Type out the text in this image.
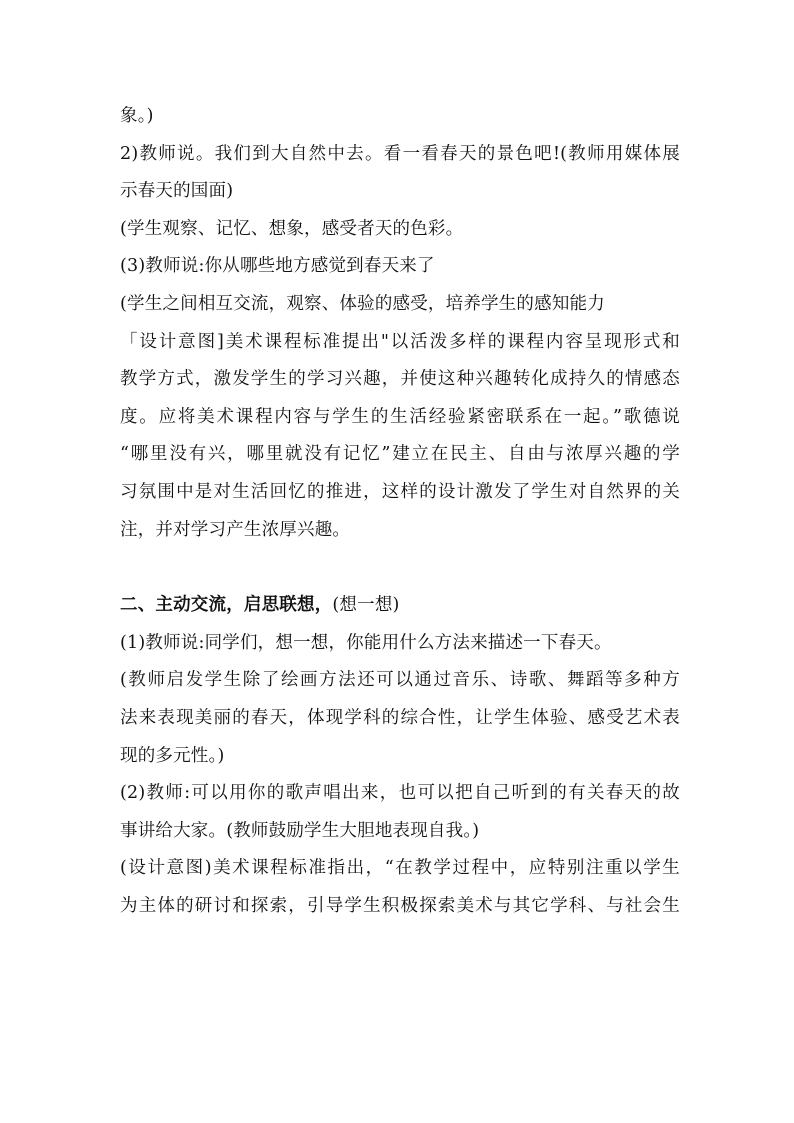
象。)
2)教师说。我们到大自然中去。看一看春天的景色吧!(教师用媒体展
示春天的国面)
(学生观察、记忆、想象，感受者天的色彩。
(3)教师说:你从哪些地方感觉到春天来了
(学生之间相互交流，观察、体验的感受，培养学生的感知能力
「设计意图]美术课程标准提出"以活泼多样的课程内容呈现形式和
教学方式，激发学生的学习兴趣，并使这种兴趣转化成持久的情感态
度。应将美术课程内容与学生的生活经验紧密联系在一起。”歌德说
“哪里没有兴，哪里就没有记忆”建立在民主、自由与浓厚兴趣的学
习氛围中是对生活回忆的推进，这样的设计激发了学生对自然界的关
注，并对学习产生浓厚兴趣。
二、主动交流，启思联想，(想一想)
(1)教师说:同学们，想一想，你能用什么方法来描述一下春天。
(教师启发学生除了绘画方法还可以通过音乐、诗歌、舞蹈等多种方
法来表现美丽的春天，体现学科的综合性，让学生体验、感受艺术表
现的多元性。)
(2)教师:可以用你的歌声唱出来，也可以把自己听到的有关春天的故
事讲给大家。(教师鼓励学生大胆地表现自我。)
(设计意图)美术课程标准指出，“在教学过程中，应特别注重以学生
为主体的研讨和探索，引导学生积极探索美术与其它学科、与社会生
